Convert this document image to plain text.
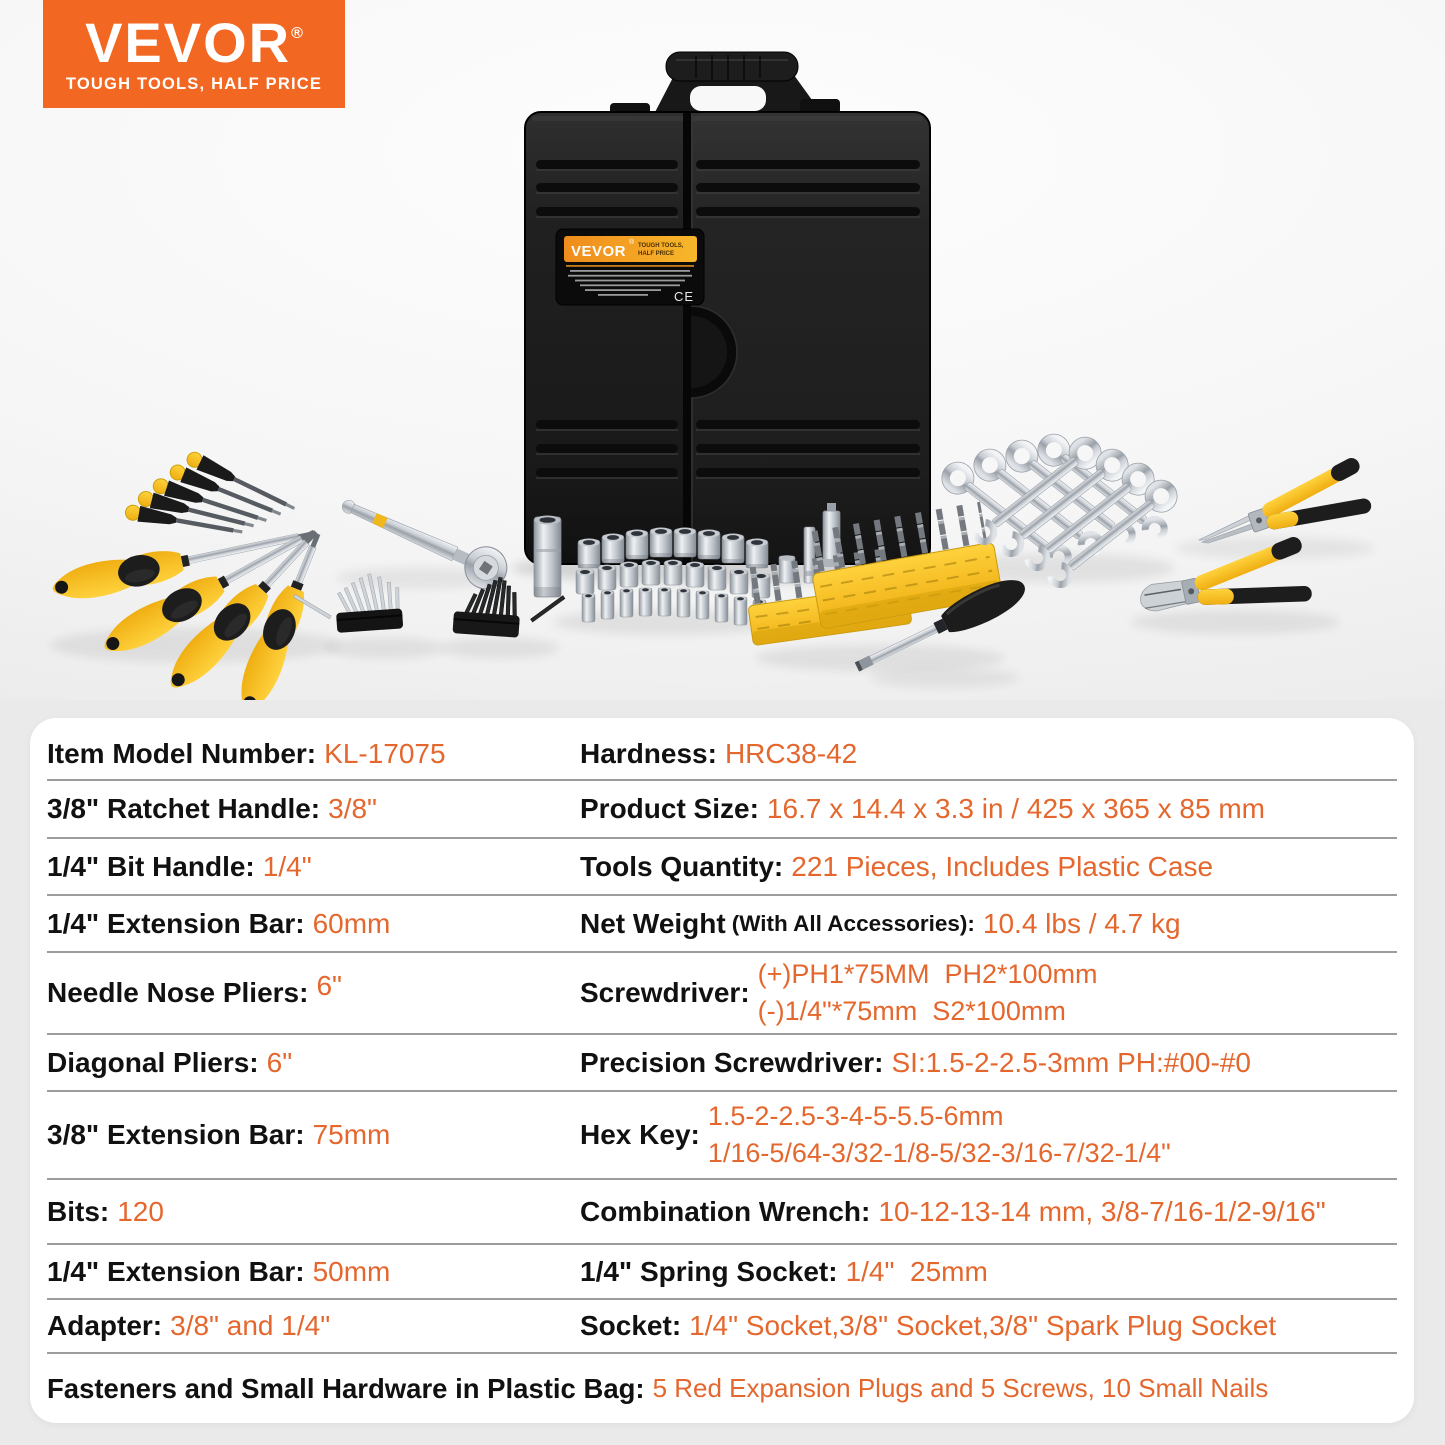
VEVOR
® TOUGH TOOLS,
HALF PRICE
CE
VEVOR®
TOUGH TOOLS, HALF PRICE
Item Model Number: KL-17075	Hardness: HRC38-42
3/8" Ratchet Handle: 3/8"	Product Size: 16.7 x 14.4 x 3.3 in / 425 x 365 x 85 mm
1/4" Bit Handle: 1/4"	Tools Quantity: 221 Pieces, Includes Plastic Case
1/4" Extension Bar: 60mm	Net Weight (With All Accessories): 10.4 lbs / 4.7 kg
Needle Nose Pliers: 6"	Screwdriver:
(+)PH1*75MM  PH2*100mm
(-)1/4"*75mm  S2*100mm
Diagonal Pliers: 6"	Precision Screwdriver: SI:1.5-2-2.5-3mm PH:#00-#0
3/8" Extension Bar: 75mm	Hex Key:
1.5-2-2.5-3-4-5-5.5-6mm
1/16-5/64-3/32-1/8-5/32-3/16-7/32-1/4"
Bits: 120	Combination Wrench: 10-12-13-14 mm, 3/8-7/16-1/2-9/16"
1/4" Extension Bar: 50mm	1/4" Spring Socket: 1/4"  25mm
Adapter: 3/8" and 1/4"	Socket: 1/4" Socket,3/8" Socket,3/8" Spark Plug Socket
Fasteners and Small Hardware in Plastic Bag: 5 Red Expansion Plugs and 5 Screws, 10 Small Nails
